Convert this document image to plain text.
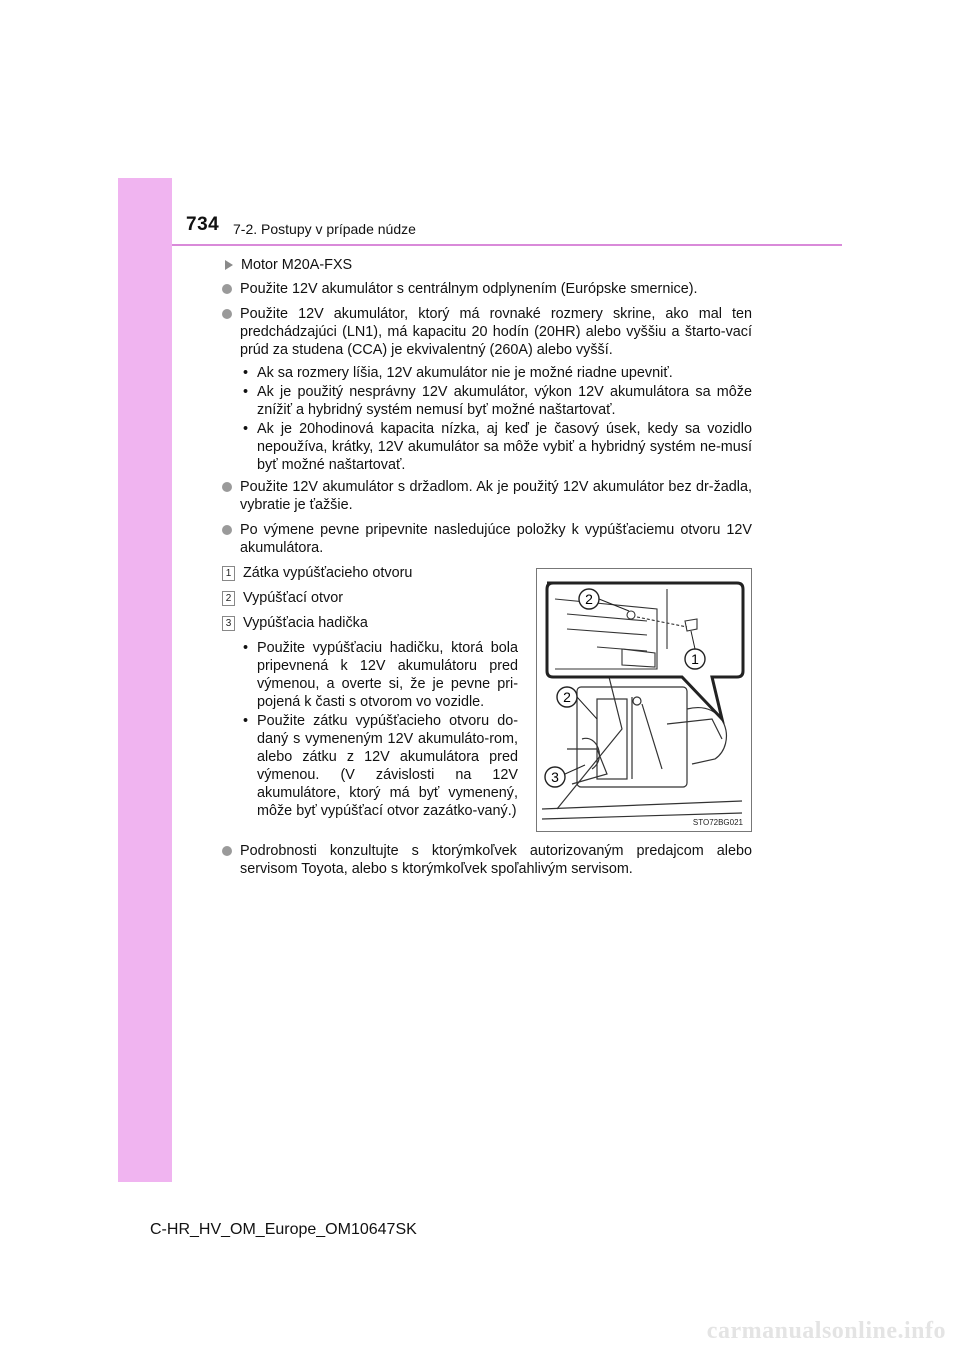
734 7-2. Postupy v prípade núdze
Motor M20A-FXS
Použite 12V akumulátor s centrálnym odplynením (Európske smernice).
Použite 12V akumulátor, ktorý má rovnaké rozmery skrine, ako mal ten predchádzajúci (LN1), má kapacitu 20 hodín (20HR) alebo vyššiu a štarto-vací prúd za studena (CCA) je ekvivalentný (260A) alebo vyšší.
• Ak sa rozmery líšia, 12V akumulátor nie je možné riadne upevniť.
• Ak je použitý nesprávny 12V akumulátor, výkon 12V akumulátora sa môže znížiť a hybridný systém nemusí byť možné naštartovať.
• Ak je 20hodinová kapacita nízka, aj keď je časový úsek, kedy sa vozidlo nepoužíva, krátky, 12V akumulátor sa môže vybiť a hybridný systém ne-musí byť možné naštartovať.
Použite 12V akumulátor s držadlom. Ak je použitý 12V akumulátor bez dr-žadla, vybratie je ťažšie.
Po výmene pevne pripevnite nasledujúce položky k vypúšťaciemu otvoru 12V akumulátora.
1 Zátka vypúšťacieho otvoru
2 Vypúšťací otvor
3 Vypúšťacia hadička
• Použite vypúšťaciu hadičku, ktorá bola pripevnená k 12V akumulátoru pred výmenou, a overte si, že je pevne pri-pojená k časti s otvorom vo vozidle.
• Použite zátku vypúšťacieho otvoru do-daný s vymeneným 12V akumuláto-rom, alebo zátku z 12V akumulátora pred výmenou. (V závislosti na 12V akumulátore, ktorý má byť vymenený, môže byť vypúšťací otvor zazátko-vaný.)
2
1
2
3
STO72BG021
Podrobnosti konzultujte s ktorýmkoľvek autorizovaným predajcom alebo servisom Toyota, alebo s ktorýmkoľvek spoľahlivým servisom.
C-HR_HV_OM_Europe_OM10647SK
carmanualsonline.info
